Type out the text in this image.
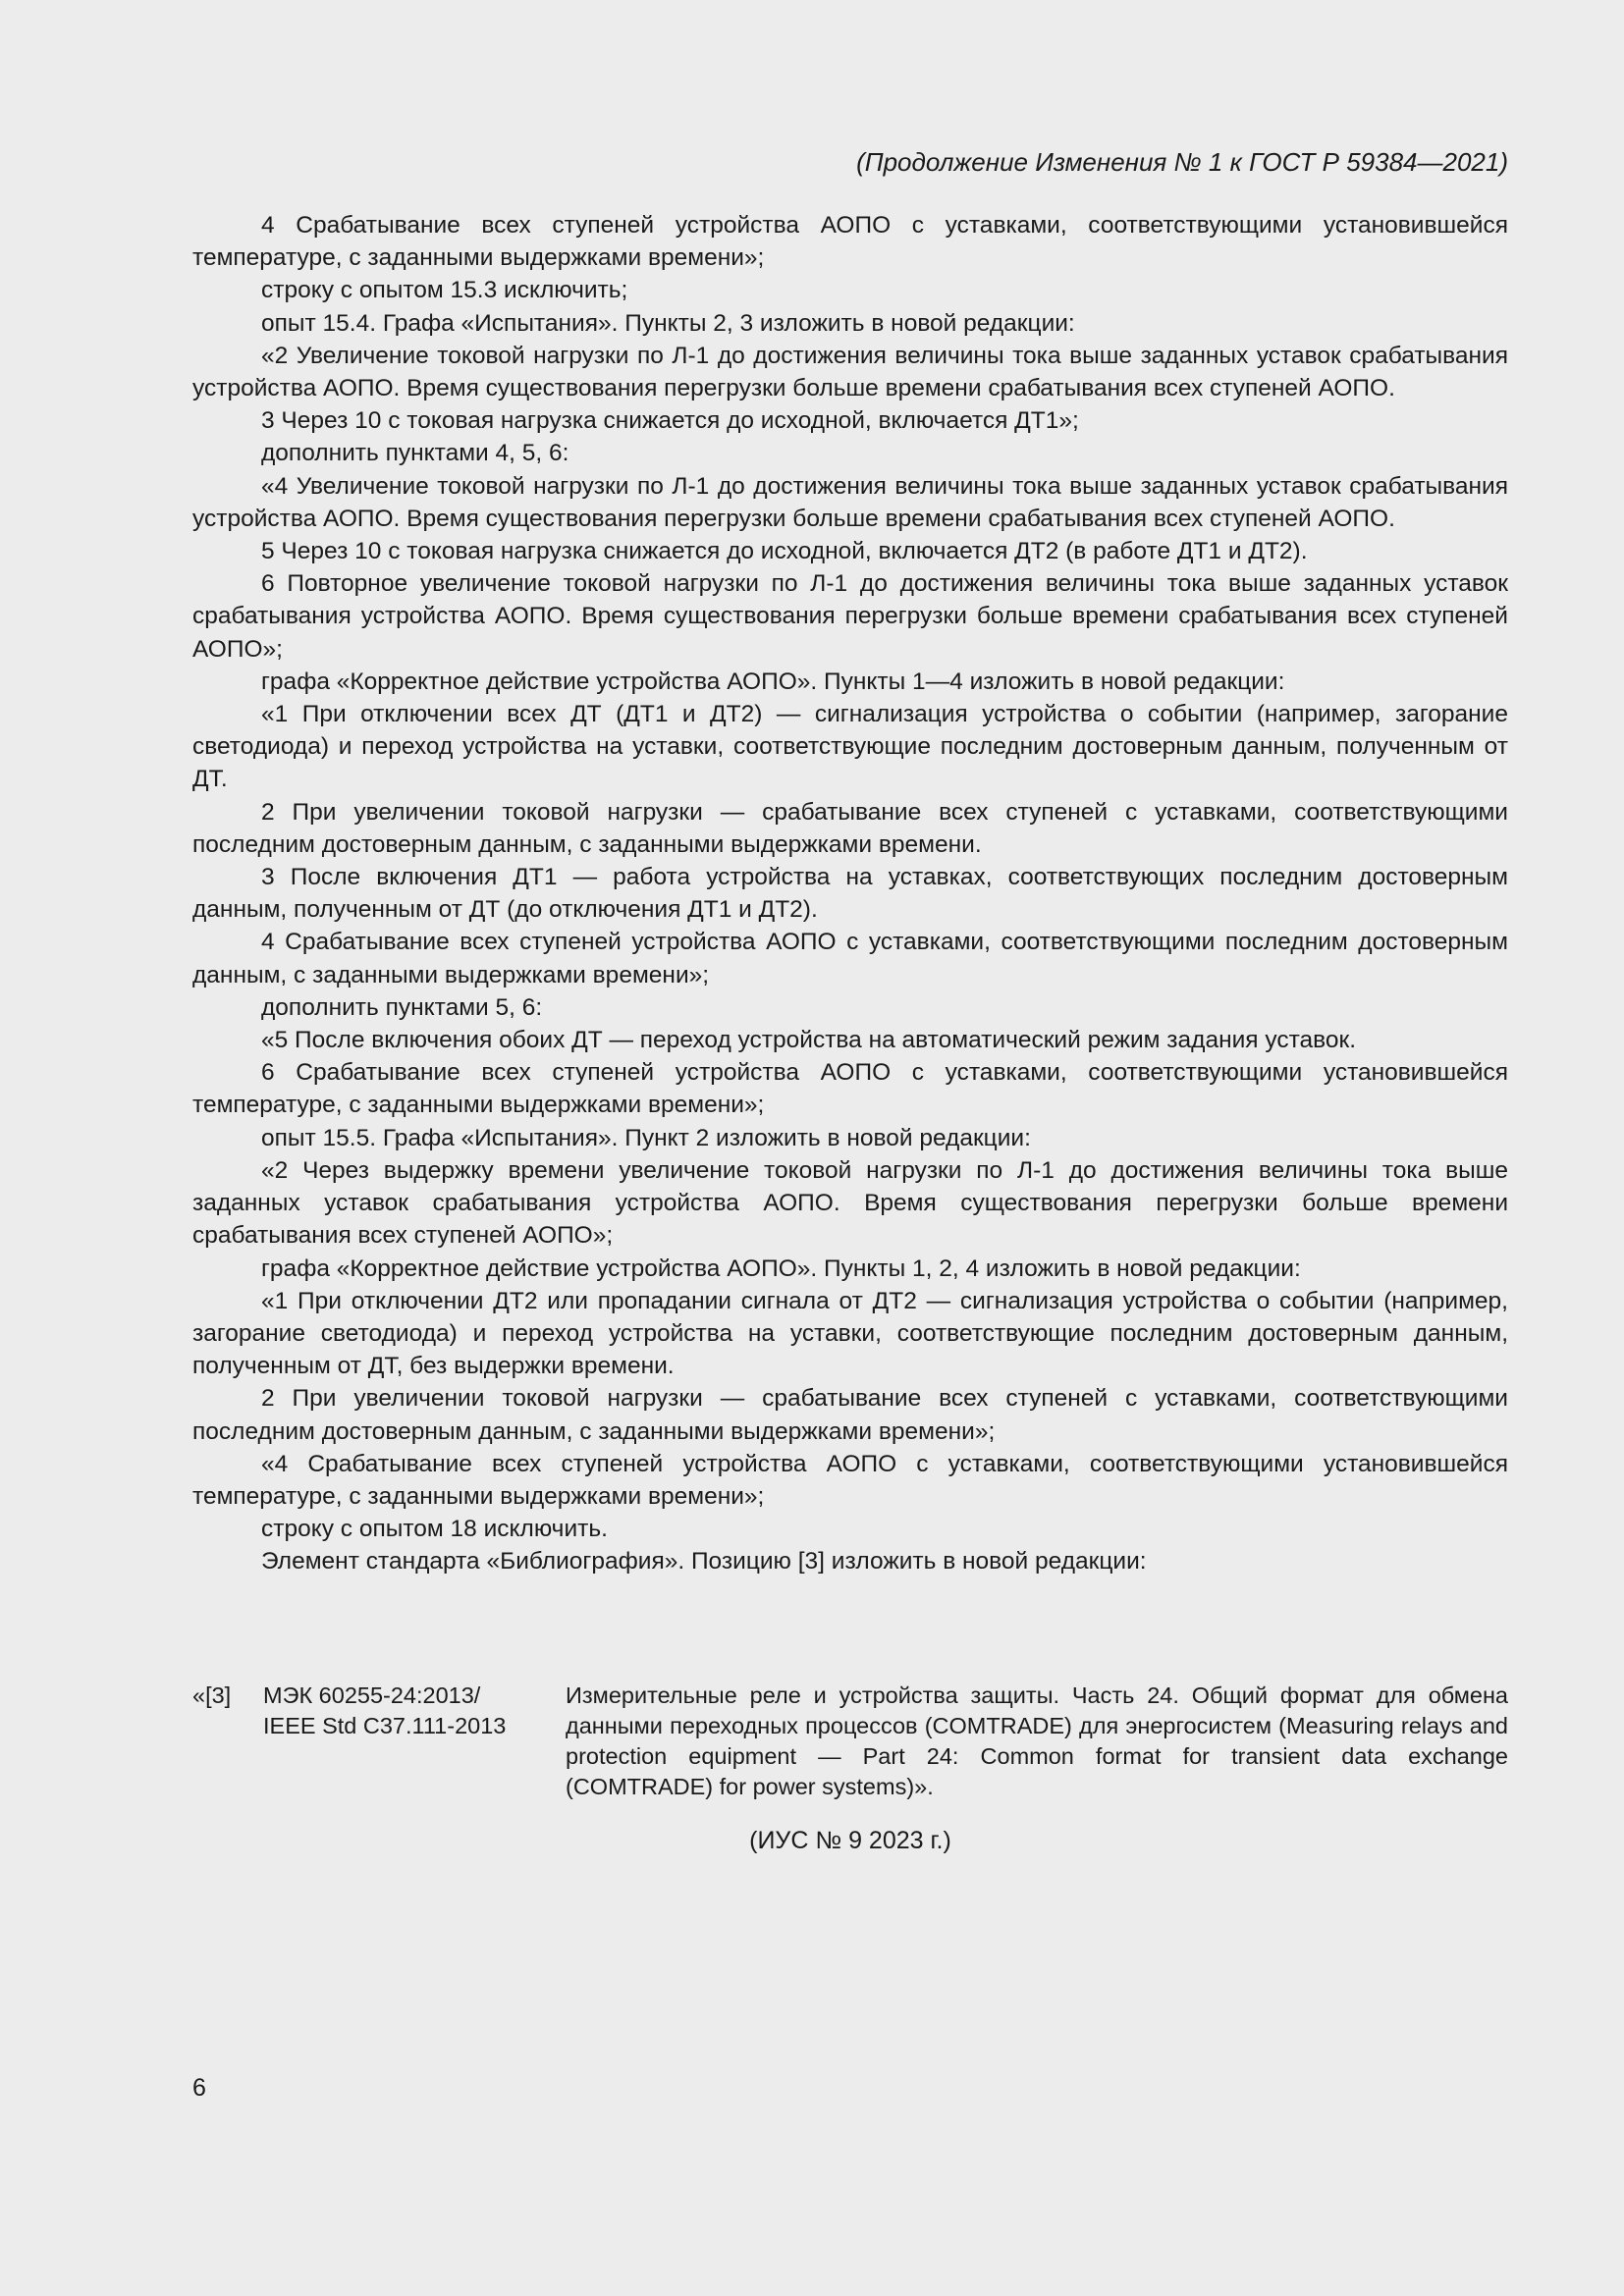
(Продолжение Изменения № 1 к ГОСТ Р 59384—2021)

4 Срабатывание всех ступеней устройства АОПО с уставками, соответствующими установившейся температуре, с заданными выдержками времени»;

строку с опытом 15.3 исключить;

опыт 15.4. Графа «Испытания». Пункты 2, 3 изложить в новой редакции:

«2 Увеличение токовой нагрузки по Л-1 до достижения величины тока выше заданных уставок срабатывания устройства АОПО. Время существования перегрузки больше времени срабатывания всех ступеней АОПО.

3 Через 10 с токовая нагрузка снижается до исходной, включается ДТ1»;

дополнить пунктами 4, 5, 6:

«4 Увеличение токовой нагрузки по Л-1 до достижения величины тока выше заданных уставок срабатывания устройства АОПО. Время существования перегрузки больше времени срабатывания всех ступеней АОПО.

5 Через 10 с токовая нагрузка снижается до исходной, включается ДТ2 (в работе ДТ1 и ДТ2).

6 Повторное увеличение токовой нагрузки по Л-1 до достижения величины тока выше заданных уставок срабатывания устройства АОПО. Время существования перегрузки больше времени срабатывания всех ступеней АОПО»;

графа «Корректное действие устройства АОПО». Пункты 1—4 изложить в новой редакции:

«1 При отключении всех ДТ (ДТ1 и ДТ2) — сигнализация устройства о событии (например, загорание светодиода) и переход устройства на уставки, соответствующие последним достоверным данным, полученным от ДТ.

2 При увеличении токовой нагрузки — срабатывание всех ступеней с уставками, соответствующими последним достоверным данным, с заданными выдержками времени.

3 После включения ДТ1 — работа устройства на уставках, соответствующих последним достоверным данным, полученным от ДТ (до отключения ДТ1 и ДТ2).

4 Срабатывание всех ступеней устройства АОПО с уставками, соответствующими последним достоверным данным, с заданными выдержками времени»;

дополнить пунктами 5, 6:

«5 После включения обоих ДТ — переход устройства на автоматический режим задания уставок.

6 Срабатывание всех ступеней устройства АОПО с уставками, соответствующими установившейся температуре, с заданными выдержками времени»;

опыт 15.5. Графа «Испытания». Пункт 2 изложить в новой редакции:

«2 Через выдержку времени увеличение токовой нагрузки по Л-1 до достижения величины тока выше заданных уставок срабатывания устройства АОПО. Время существования перегрузки больше времени срабатывания всех ступеней АОПО»;

графа «Корректное действие устройства АОПО». Пункты 1, 2, 4 изложить в новой редакции:

«1 При отключении ДТ2 или пропадании сигнала от ДТ2 — сигнализация устройства о событии (например, загорание светодиода) и переход устройства на уставки, соответствующие последним достоверным данным, полученным от ДТ, без выдержки времени.

2 При увеличении токовой нагрузки — срабатывание всех ступеней с уставками, соответствующими последним достоверным данным, с заданными выдержками времени»;

«4 Срабатывание всех ступеней устройства АОПО с уставками, соответствующими установившейся температуре, с заданными выдержками времени»;

строку с опытом 18 исключить.

Элемент стандарта «Библиография». Позицию [3] изложить в новой редакции:

«[3]	МЭК 60255-24:2013/
IEEE Std C37.111-2013
Измерительные реле и устройства защиты. Часть 24. Общий формат для обмена данными переходных процессов (COMTRADE) для энергосистем (Measuring relays and protection equipment — Part 24: Common format for transient data exchange (COMTRADE) for power systems)».
(ИУС № 9 2023 г.)
6
